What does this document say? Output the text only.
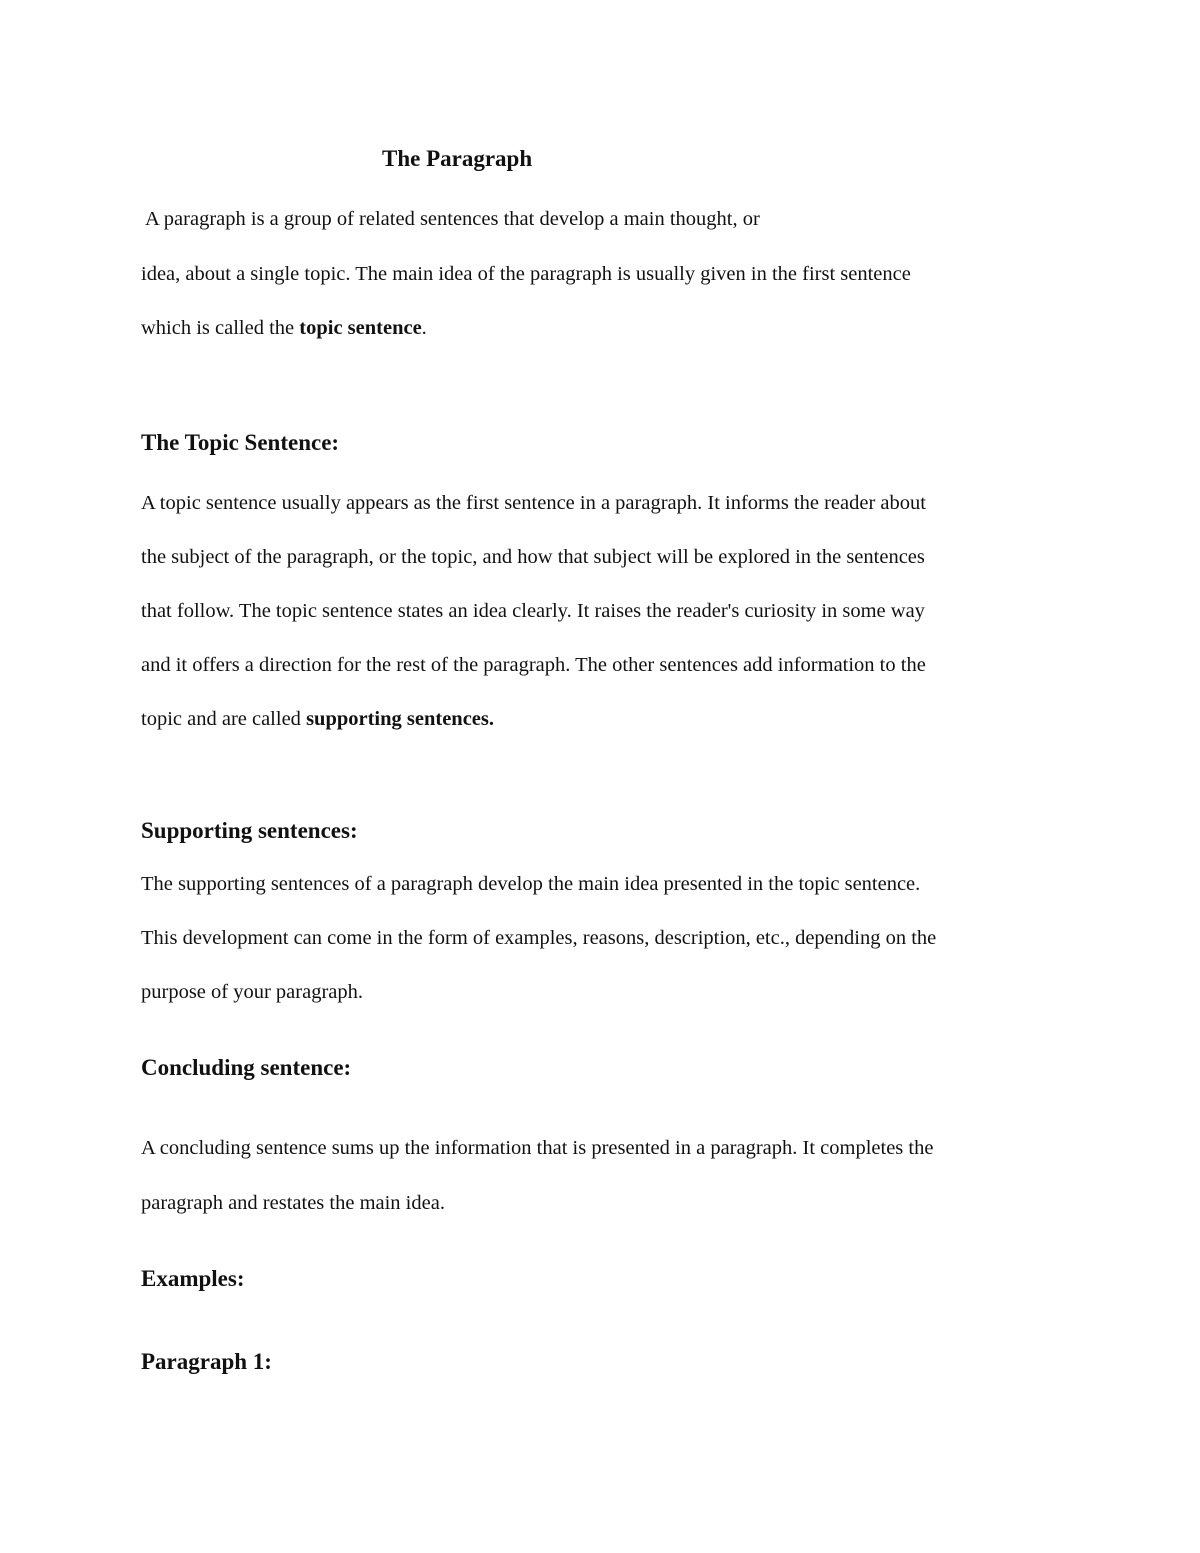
The Paragraph
A paragraph is a group of related sentences that develop a main thought, or
idea, about a single topic. The main idea of the paragraph is usually given in the first sentence
which is called the topic sentence.
The Topic Sentence:
A topic sentence usually appears as the first sentence in a paragraph. It informs the reader about
the subject of the paragraph, or the topic, and how that subject will be explored in the sentences
that follow. The topic sentence states an idea clearly. It raises the reader's curiosity in some way
and it offers a direction for the rest of the paragraph. The other sentences add information to the
topic and are called supporting sentences.
Supporting sentences:
The supporting sentences of a paragraph develop the main idea presented in the topic sentence.
This development can come in the form of examples, reasons, description, etc., depending on the
purpose of your paragraph.
Concluding sentence:
A concluding sentence sums up the information that is presented in a paragraph. It completes the
paragraph and restates the main idea.
Examples:
Paragraph 1:
